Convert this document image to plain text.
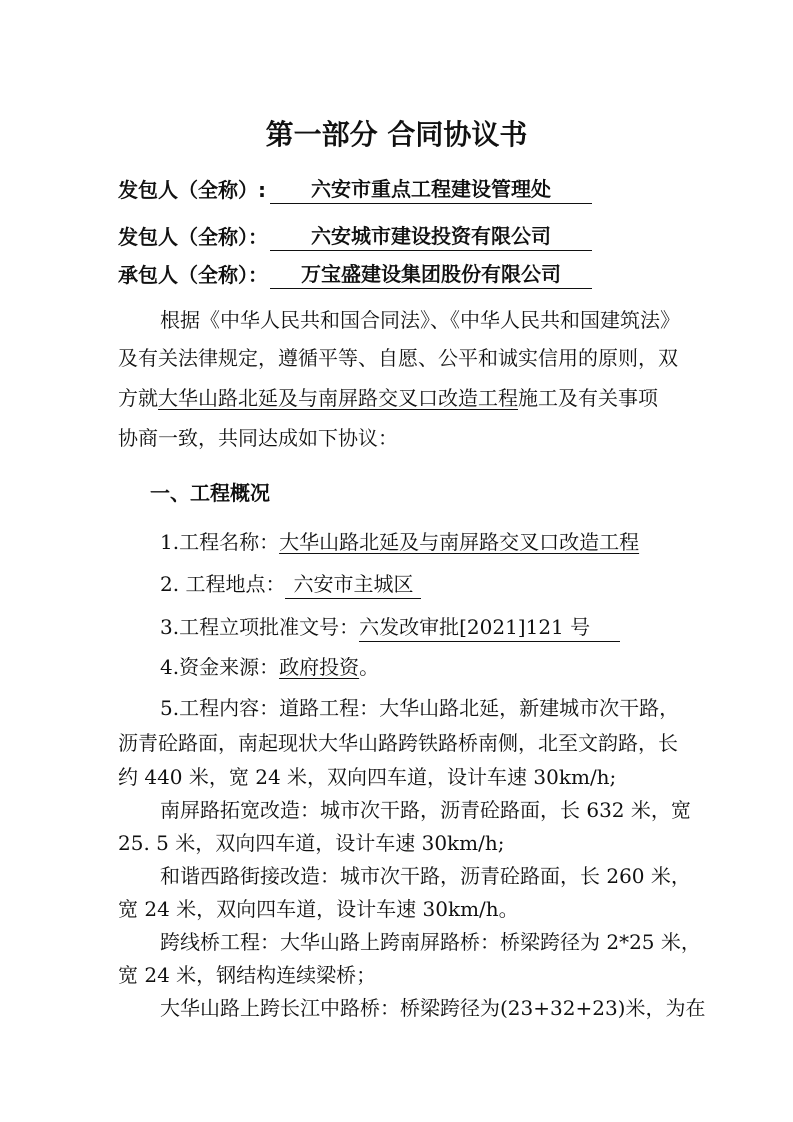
第一部分 合同协议书
发包人（全称）:	六安市重点工程建设管理处
发包人（全称）：	六安城市建设投资有限公司
承包人（全称）：	万宝盛建设集团股份有限公司
根据《中华人民共和国合同法》、《中华人民共和国建筑法》
及有关法律规定，遵循平等、自愿、公平和诚实信用的原则，双
方就大华山路北延及与南屏路交叉口改造工程施工及有关事项
协商一致，共同达成如下协议：
一、工程概况
1.工程名称：大华山路北延及与南屏路交叉口改造工程
2. 工程地点： 六安市主城区
3.工程立项批准文号：六发改审批[2021]121 号
4.资金来源：政府投资。
5.工程内容：道路工程：大华山路北延，新建城市次干路，
沥青砼路面，南起现状大华山路跨铁路桥南侧，北至文韵路，长
约 440 米，宽 24 米，双向四车道，设计车速 30km/h;
南屏路拓宽改造：城市次干路，沥青砼路面，长 632 米，宽
25. 5 米，双向四车道，设计车速 30km/h;
和谐西路街接改造：城市次干路，沥青砼路面，长 260 米，
宽 24 米，双向四车道，设计车速 30km/h。
跨线桥工程：大华山路上跨南屏路桥：桥梁跨径为 2*25 米，
宽 24 米，钢结构连续梁桥；
大华山路上跨长江中路桥：桥梁跨径为(23+32+23)米，为在
